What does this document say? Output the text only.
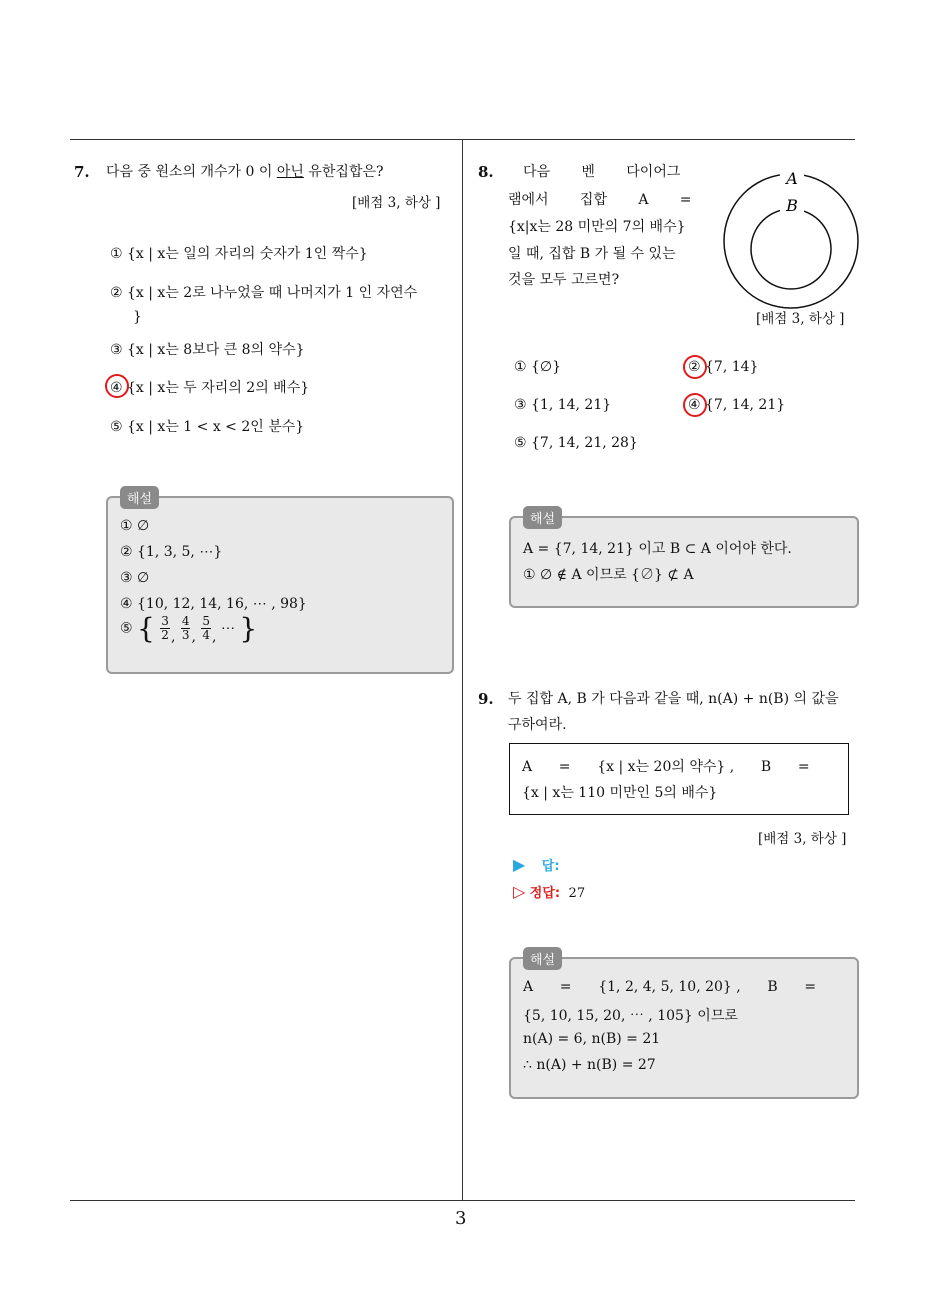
7. 다음 중 원소의 개수가 0 이 아닌 유한집합은?
[배점 3, 하상 ]
① {x | x는 일의 자리의 숫자가 1인 짝수}
② {x | x는 2로 나누었을 때 나머지가 1 인 자연수
}
③ {x | x는 8보다 큰 8의 약수}
④ {x | x는 두 자리의 2의 배수}
⑤ {x | x는 1 < x < 2인 분수}
해설
① ∅
② {1, 3, 5, ⋯}
③ ∅
④ {10, 12, 14, 16, ⋯ , 98}
⑤ { $\frac{3}{2}$ , $\frac{4}{3}$ , $\frac{5}{4}$ , ⋯ }
8. 다음   벤   다이어그
램에서   집합   A   =
{x|x는 28 미만의 7의 배수}
일 때, 집합 B 가 될 수 있는
것을 모두 고르면?
A
B
[배점 3, 하상 ]
① {∅}	② {7, 14}
③ {1, 14, 21}	④ {7, 14, 21}
⑤ {7, 14, 21, 28}
해설
A = {7, 14, 21} 이고 B ⊂ A 이어야 한다.
① ∅ ∉ A 이므로 {∅} ⊄ A
9. 두 집합 A, B 가 다음과 같을 때, n(A) + n(B) 의 값을
구하여라.
A      =      {x | x는 20의 약수} ,      B      =
{x | x는 110 미만인 5의 배수}
[배점 3, 하상 ]
▶ 답:
▷ 정답: 27
해설
A      =      {1, 2, 4, 5, 10, 20} ,      B      =
{5, 10, 15, 20, ⋯ , 105} 이므로
n(A) = 6, n(B) = 21
∴ n(A) + n(B) = 27
3
